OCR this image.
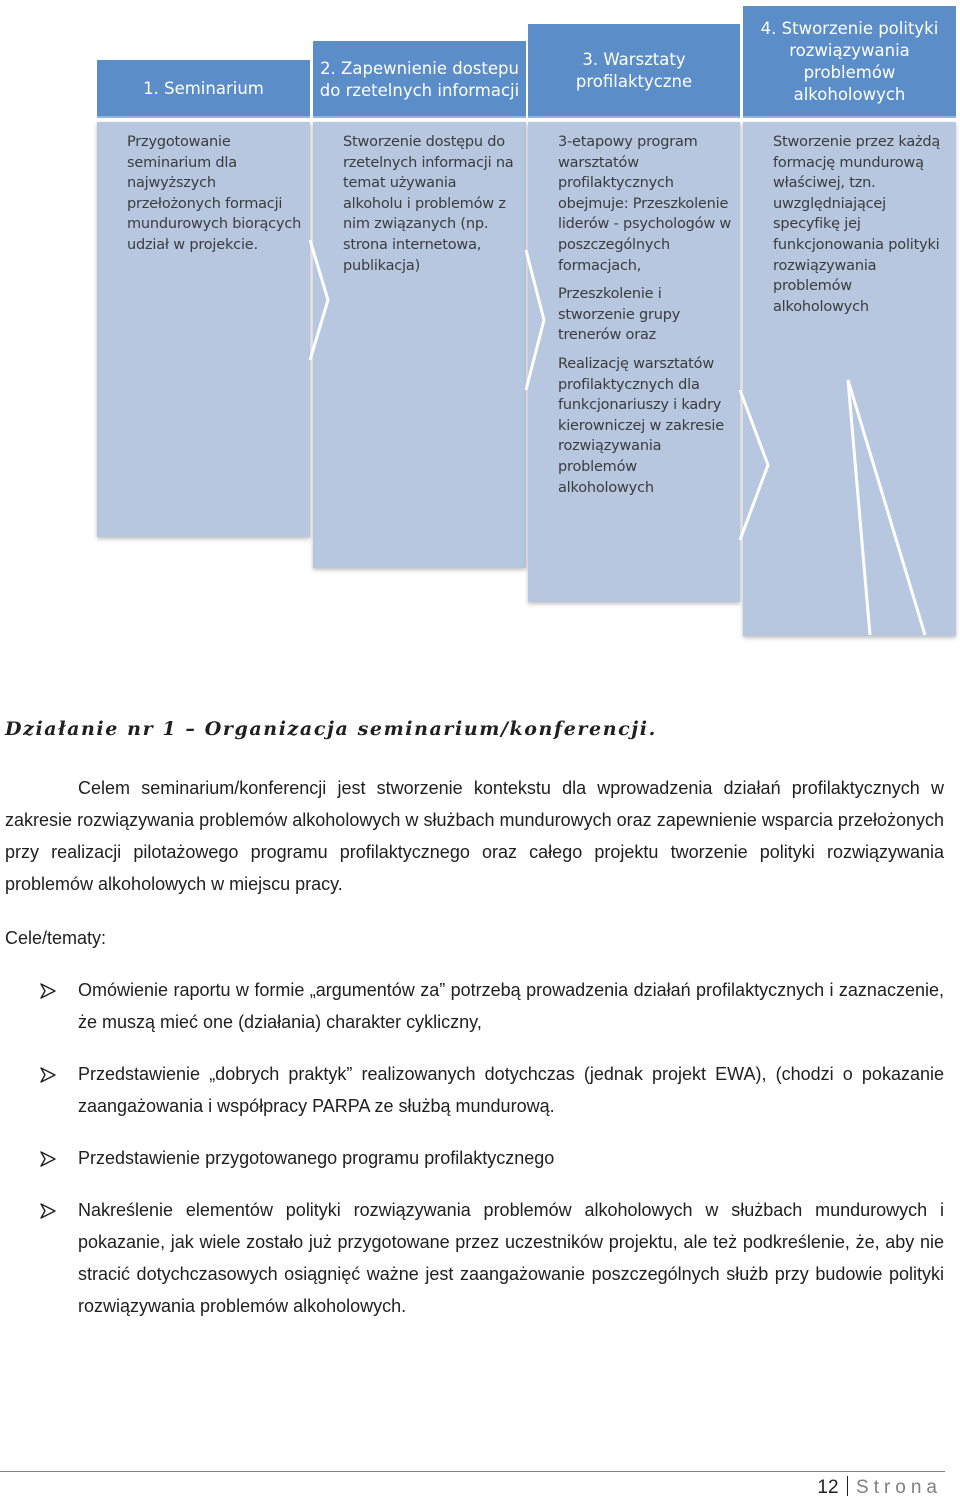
1. Seminarium

Przygotowanie seminarium dla najwyższych przełożonych formacji mundurowych biorących udział w projekcie.

2. Zapewnienie dostepu do rzetelnych informacji

Stworzenie dostępu do rzetelnych informacji na temat używania alkoholu i problemów z nim związanych (np. strona internetowa, publikacja)

3. Warsztaty profilaktyczne

3-etapowy program warsztatów profilaktycznych obejmuje: Przeszkolenie liderów - psychologów w poszczególnych formacjach,

Przeszkolenie i stworzenie grupy trenerów oraz

Realizację warsztatów profilaktycznych dla funkcjonariuszy i kadry kierowniczej w zakresie rozwiązywania problemów alkoholowych

4. Stworzenie polityki rozwiązywania problemów alkoholowych

Stworzenie przez każdą formację mundurową właściwej, tzn. uwzględniającej specyfikę jej funkcjonowania polityki rozwiązywania problemów alkoholowych

Działanie nr 1 – Organizacja seminarium/konferencji.

Celem seminarium/konferencji jest stworzenie kontekstu dla wprowadzenia działań profilaktycznych w zakresie rozwiązywania problemów alkoholowych w służbach mundurowych oraz zapewnienie wsparcia przełożonych przy realizacji pilotażowego programu profilaktycznego oraz całego projektu tworzenie polityki rozwiązywania problemów alkoholowych w miejscu pracy.

Cele/tematy:

Omówienie raportu w formie „argumentów za” potrzebą prowadzenia działań profilaktycznych i zaznaczenie, że muszą mieć one (działania) charakter cykliczny,
Przedstawienie „dobrych praktyk” realizowanych dotychczas (jednak projekt EWA), (chodzi o pokazanie zaangażowania i współpracy PARPA ze służbą mundurową.
Przedstawienie przygotowanego programu profilaktycznego
Nakreślenie elementów polityki rozwiązywania problemów alkoholowych w służbach mundurowych i pokazanie, jak wiele zostało już przygotowane przez uczestników projektu, ale też podkreślenie, że, aby nie stracić dotychczasowych osiągnięć ważne jest zaangażowanie poszczególnych służb przy budowie polityki rozwiązywania problemów alkoholowych.
12 Strona
